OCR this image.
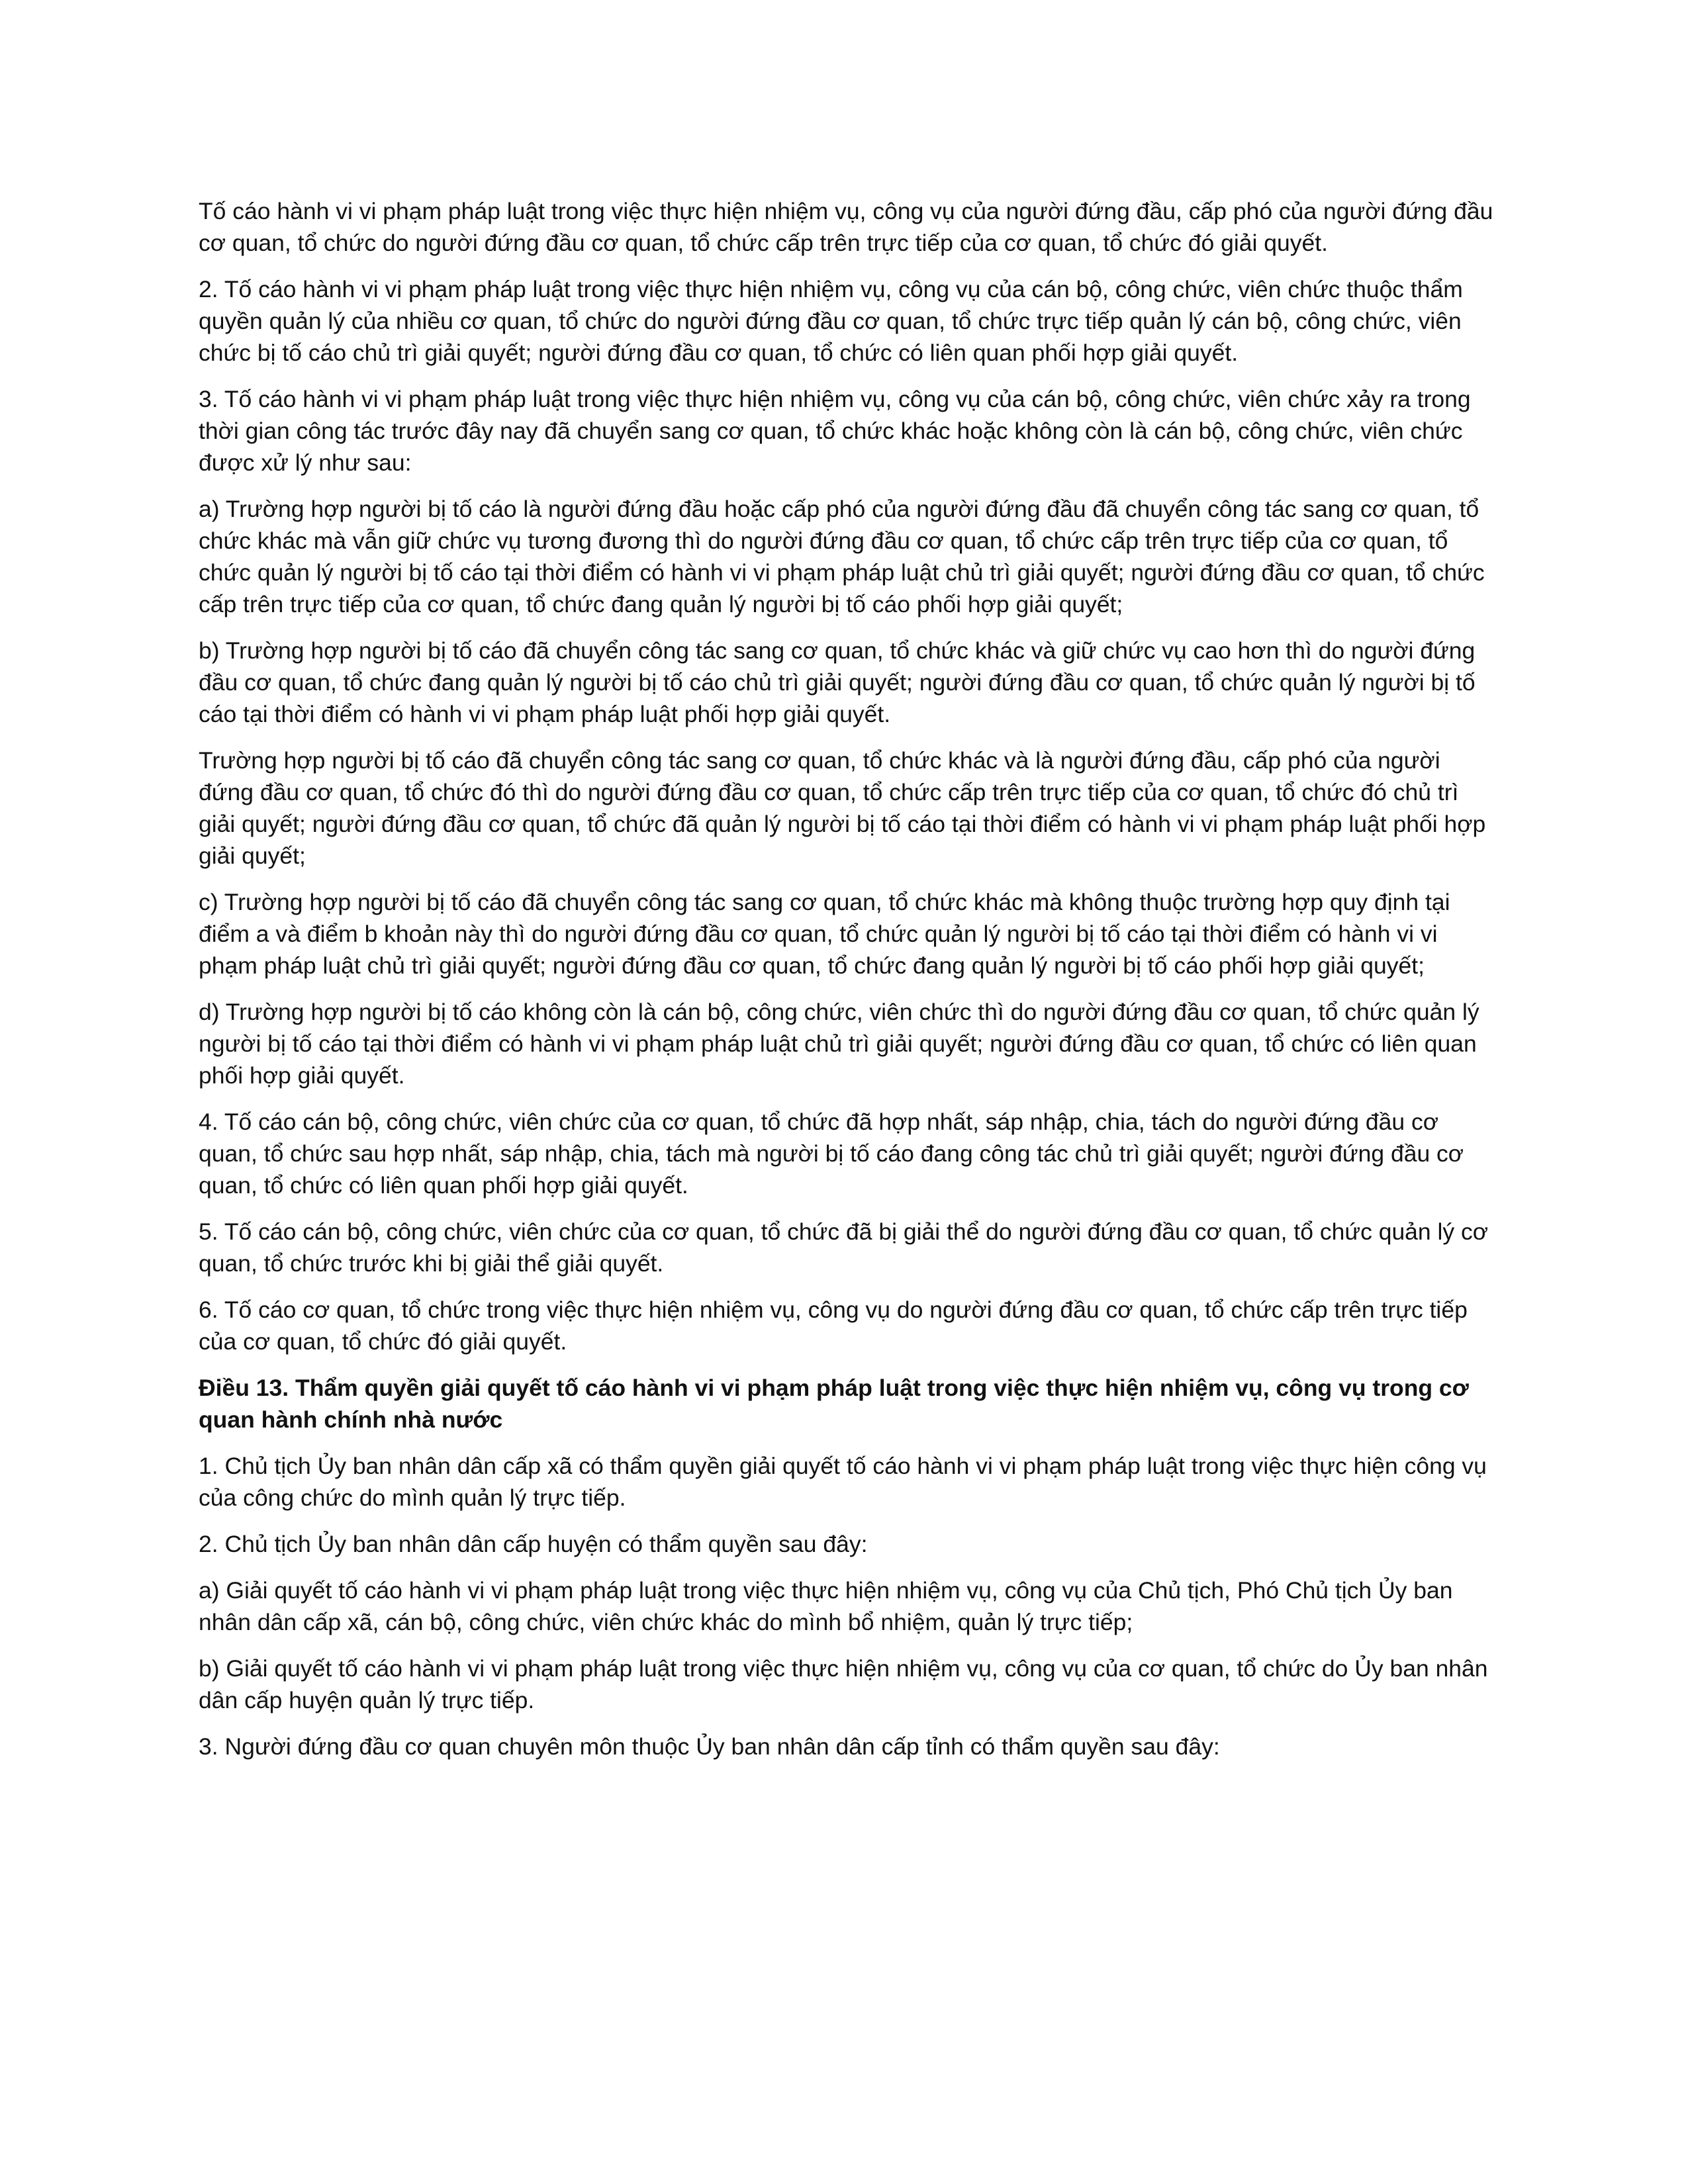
Tố cáo hành vi vi phạm pháp luật trong việc thực hiện nhiệm vụ, công vụ của người đứng đầu, cấp phó của người đứng đầu cơ quan, tổ chức do người đứng đầu cơ quan, tổ chức cấp trên trực tiếp của cơ quan, tổ chức đó giải quyết.

2. Tố cáo hành vi vi phạm pháp luật trong việc thực hiện nhiệm vụ, công vụ của cán bộ, công chức, viên chức thuộc thẩm quyền quản lý của nhiều cơ quan, tổ chức do người đứng đầu cơ quan, tổ chức trực tiếp quản lý cán bộ, công chức, viên chức bị tố cáo chủ trì giải quyết; người đứng đầu cơ quan, tổ chức có liên quan phối hợp giải quyết.

3. Tố cáo hành vi vi phạm pháp luật trong việc thực hiện nhiệm vụ, công vụ của cán bộ, công chức, viên chức xảy ra trong thời gian công tác trước đây nay đã chuyển sang cơ quan, tổ chức khác hoặc không còn là cán bộ, công chức, viên chức được xử lý như sau:

a) Trường hợp người bị tố cáo là người đứng đầu hoặc cấp phó của người đứng đầu đã chuyển công tác sang cơ quan, tổ chức khác mà vẫn giữ chức vụ tương đương thì do người đứng đầu cơ quan, tổ chức cấp trên trực tiếp của cơ quan, tổ chức quản lý người bị tố cáo tại thời điểm có hành vi vi phạm pháp luật chủ trì giải quyết; người đứng đầu cơ quan, tổ chức cấp trên trực tiếp của cơ quan, tổ chức đang quản lý người bị tố cáo phối hợp giải quyết;

b) Trường hợp người bị tố cáo đã chuyển công tác sang cơ quan, tổ chức khác và giữ chức vụ cao hơn thì do người đứng đầu cơ quan, tổ chức đang quản lý người bị tố cáo chủ trì giải quyết; người đứng đầu cơ quan, tổ chức quản lý người bị tố cáo tại thời điểm có hành vi vi phạm pháp luật phối hợp giải quyết.

Trường hợp người bị tố cáo đã chuyển công tác sang cơ quan, tổ chức khác và là người đứng đầu, cấp phó của người đứng đầu cơ quan, tổ chức đó thì do người đứng đầu cơ quan, tổ chức cấp trên trực tiếp của cơ quan, tổ chức đó chủ trì giải quyết; người đứng đầu cơ quan, tổ chức đã quản lý người bị tố cáo tại thời điểm có hành vi vi phạm pháp luật phối hợp giải quyết;

c) Trường hợp người bị tố cáo đã chuyển công tác sang cơ quan, tổ chức khác mà không thuộc trường hợp quy định tại điểm a và điểm b khoản này thì do người đứng đầu cơ quan, tổ chức quản lý người bị tố cáo tại thời điểm có hành vi vi phạm pháp luật chủ trì giải quyết; người đứng đầu cơ quan, tổ chức đang quản lý người bị tố cáo phối hợp giải quyết;

d) Trường hợp người bị tố cáo không còn là cán bộ, công chức, viên chức thì do người đứng đầu cơ quan, tổ chức quản lý người bị tố cáo tại thời điểm có hành vi vi phạm pháp luật chủ trì giải quyết; người đứng đầu cơ quan, tổ chức có liên quan phối hợp giải quyết.

4. Tố cáo cán bộ, công chức, viên chức của cơ quan, tổ chức đã hợp nhất, sáp nhập, chia, tách do người đứng đầu cơ quan, tổ chức sau hợp nhất, sáp nhập, chia, tách mà người bị tố cáo đang công tác chủ trì giải quyết; người đứng đầu cơ quan, tổ chức có liên quan phối hợp giải quyết.

5. Tố cáo cán bộ, công chức, viên chức của cơ quan, tổ chức đã bị giải thể do người đứng đầu cơ quan, tổ chức quản lý cơ quan, tổ chức trước khi bị giải thể giải quyết.

6. Tố cáo cơ quan, tổ chức trong việc thực hiện nhiệm vụ, công vụ do người đứng đầu cơ quan, tổ chức cấp trên trực tiếp của cơ quan, tổ chức đó giải quyết.

Điều 13. Thẩm quyền giải quyết tố cáo hành vi vi phạm pháp luật trong việc thực hiện nhiệm vụ, công vụ trong cơ quan hành chính nhà nước

1. Chủ tịch Ủy ban nhân dân cấp xã có thẩm quyền giải quyết tố cáo hành vi vi phạm pháp luật trong việc thực hiện công vụ của công chức do mình quản lý trực tiếp.

2. Chủ tịch Ủy ban nhân dân cấp huyện có thẩm quyền sau đây:

a) Giải quyết tố cáo hành vi vi phạm pháp luật trong việc thực hiện nhiệm vụ, công vụ của Chủ tịch, Phó Chủ tịch Ủy ban nhân dân cấp xã, cán bộ, công chức, viên chức khác do mình bổ nhiệm, quản lý trực tiếp;

b) Giải quyết tố cáo hành vi vi phạm pháp luật trong việc thực hiện nhiệm vụ, công vụ của cơ quan, tổ chức do Ủy ban nhân dân cấp huyện quản lý trực tiếp.

3. Người đứng đầu cơ quan chuyên môn thuộc Ủy ban nhân dân cấp tỉnh có thẩm quyền sau đây:
